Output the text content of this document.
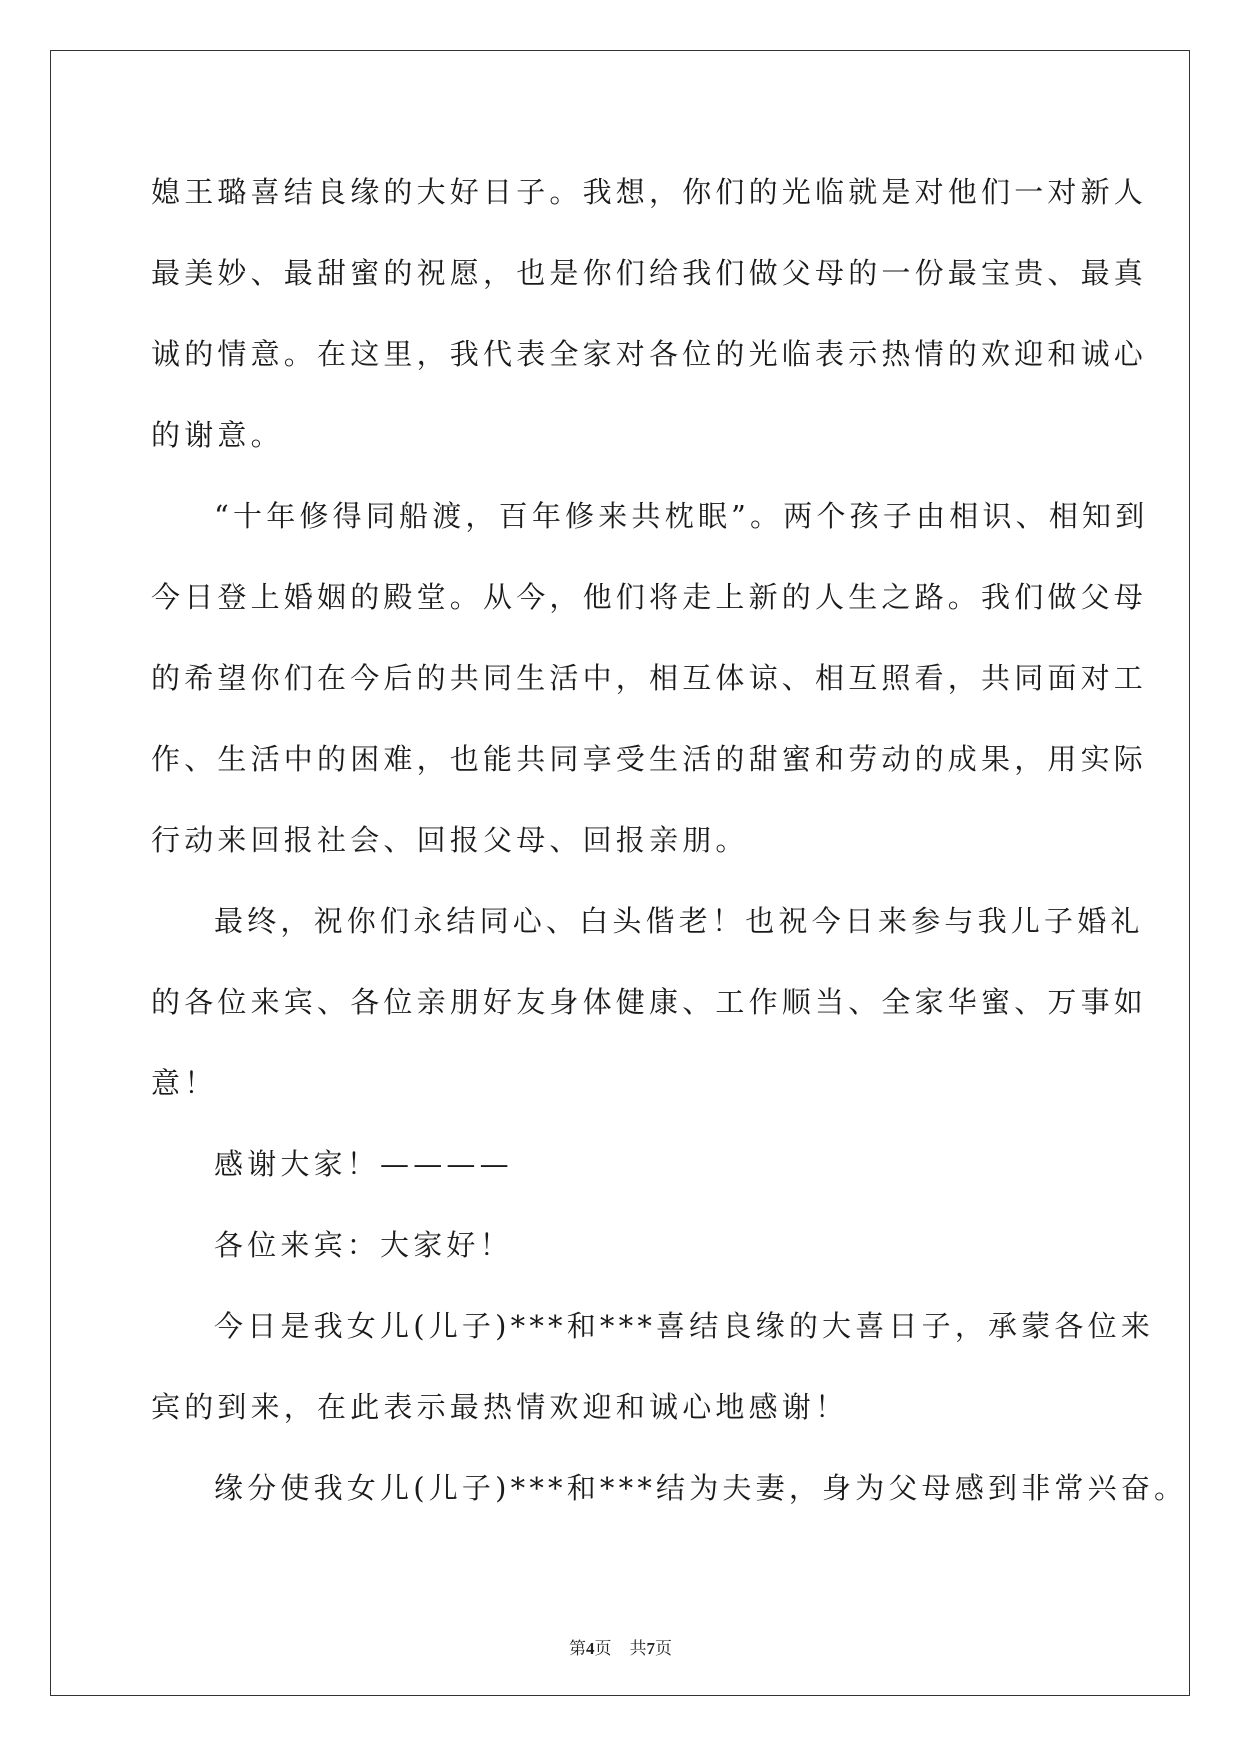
媳王璐喜结良缘的大好日子。我想，你们的光临就是对他们一对新人
最美妙、最甜蜜的祝愿，也是你们给我们做父母的一份最宝贵、最真
诚的情意。在这里，我代表全家对各位的光临表示热情的欢迎和诚心
的谢意。
“十年修得同船渡，百年修来共枕眠”。两个孩子由相识、相知到
今日登上婚姻的殿堂。从今，他们将走上新的人生之路。我们做父母
的希望你们在今后的共同生活中，相互体谅、相互照看，共同面对工
作、生活中的困难，也能共同享受生活的甜蜜和劳动的成果，用实际
行动来回报社会、回报父母、回报亲朋。
最终，祝你们永结同心、白头偕老！也祝今日来参与我儿子婚礼
的各位来宾、各位亲朋好友身体健康、工作顺当、全家华蜜、万事如
意！
感谢大家！————
各位来宾：大家好！
今日是我女儿(儿子)***和***喜结良缘的大喜日子，承蒙各位来
宾的到来，在此表示最热情欢迎和诚心地感谢！
缘分使我女儿(儿子)***和***结为夫妻，身为父母感到非常兴奋。
第4页 共7页
